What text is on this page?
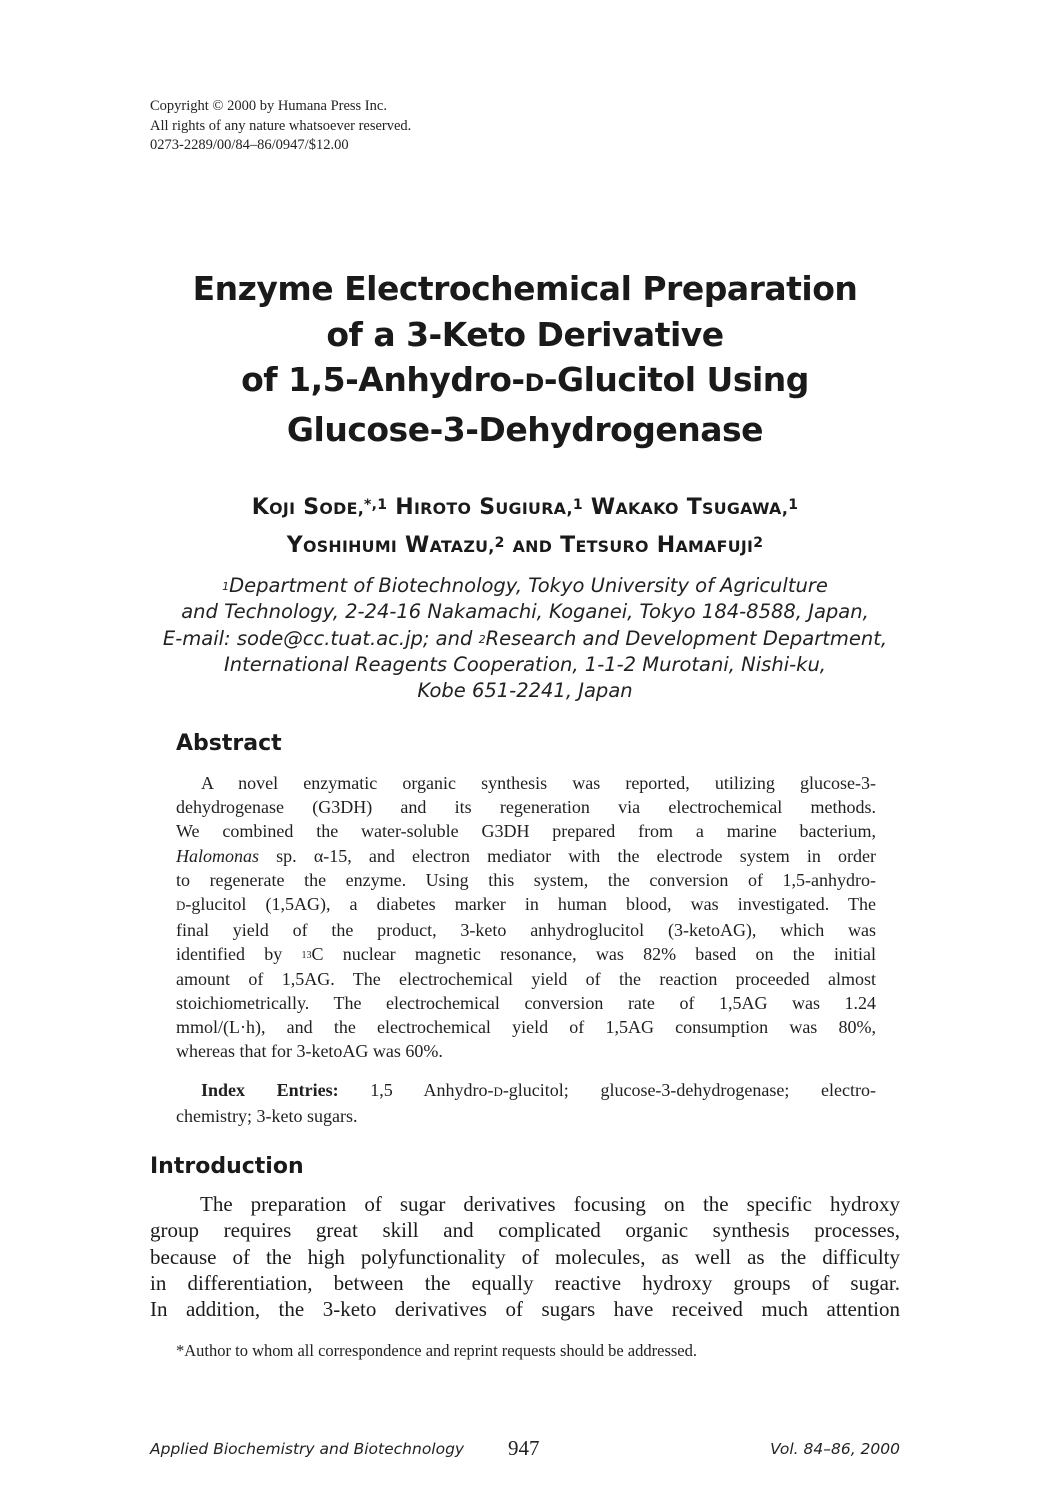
Copyright © 2000 by Humana Press Inc.
All rights of any nature whatsoever reserved.
0273-2289/00/84–86/0947/$12.00
Enzyme Electrochemical Preparation
of a 3-Keto Derivative
of 1,5-Anhydro-D-Glucitol Using
Glucose-3-Dehydrogenase
KOJI SODE,$^{*,1}$ HIROTO SUGIURA,$^1$ WAKAKO TSUGAWA,$^1$
YOSHIHUMI WATAZU,$^2$ AND TETSURO HAMAFUJI$^2$
$^1$Department of Biotechnology, Tokyo University of Agriculture
and Technology, 2-24-16 Nakamachi, Koganei, Tokyo 184-8588, Japan,
E-mail: sode@cc.tuat.ac.jp; and $^2$Research and Development Department,
International Reagents Cooperation, 1-1-2 Murotani, Nishi-ku,
Kobe 651-2241, Japan
Abstract
A novel enzymatic organic synthesis was reported, utilizing glucose-3-
dehydrogenase (G3DH) and its regeneration via electrochemical methods.
We combined the water-soluble G3DH prepared from a marine bacterium,
Halomonas sp. α-15, and electron mediator with the electrode system in order
to regenerate the enzyme. Using this system, the conversion of 1,5-anhydro-
D-glucitol (1,5AG), a diabetes marker in human blood, was investigated. The
final yield of the product, 3-keto anhydroglucitol (3-ketoAG), which was
identified by $^{13}$C nuclear magnetic resonance, was 82% based on the initial
amount of 1,5AG. The electrochemical yield of the reaction proceeded almost
stoichiometrically. The electrochemical conversion rate of 1,5AG was 1.24
mmol/(L·h), and the electrochemical yield of 1,5AG consumption was 80%,
whereas that for 3-ketoAG was 60%.
Index Entries: 1,5 Anhydro-D-glucitol; glucose-3-dehydrogenase; electro-
chemistry; 3-keto sugars.
Introduction
The preparation of sugar derivatives focusing on the specific hydroxy
group requires great skill and complicated organic synthesis processes,
because of the high polyfunctionality of molecules, as well as the difficulty
in differentiation, between the equally reactive hydroxy groups of sugar.
In addition, the 3-keto derivatives of sugars have received much attention
*Author to whom all correspondence and reprint requests should be addressed.
Applied Biochemistry and Biotechnology 947	Vol. 84–86, 2000
